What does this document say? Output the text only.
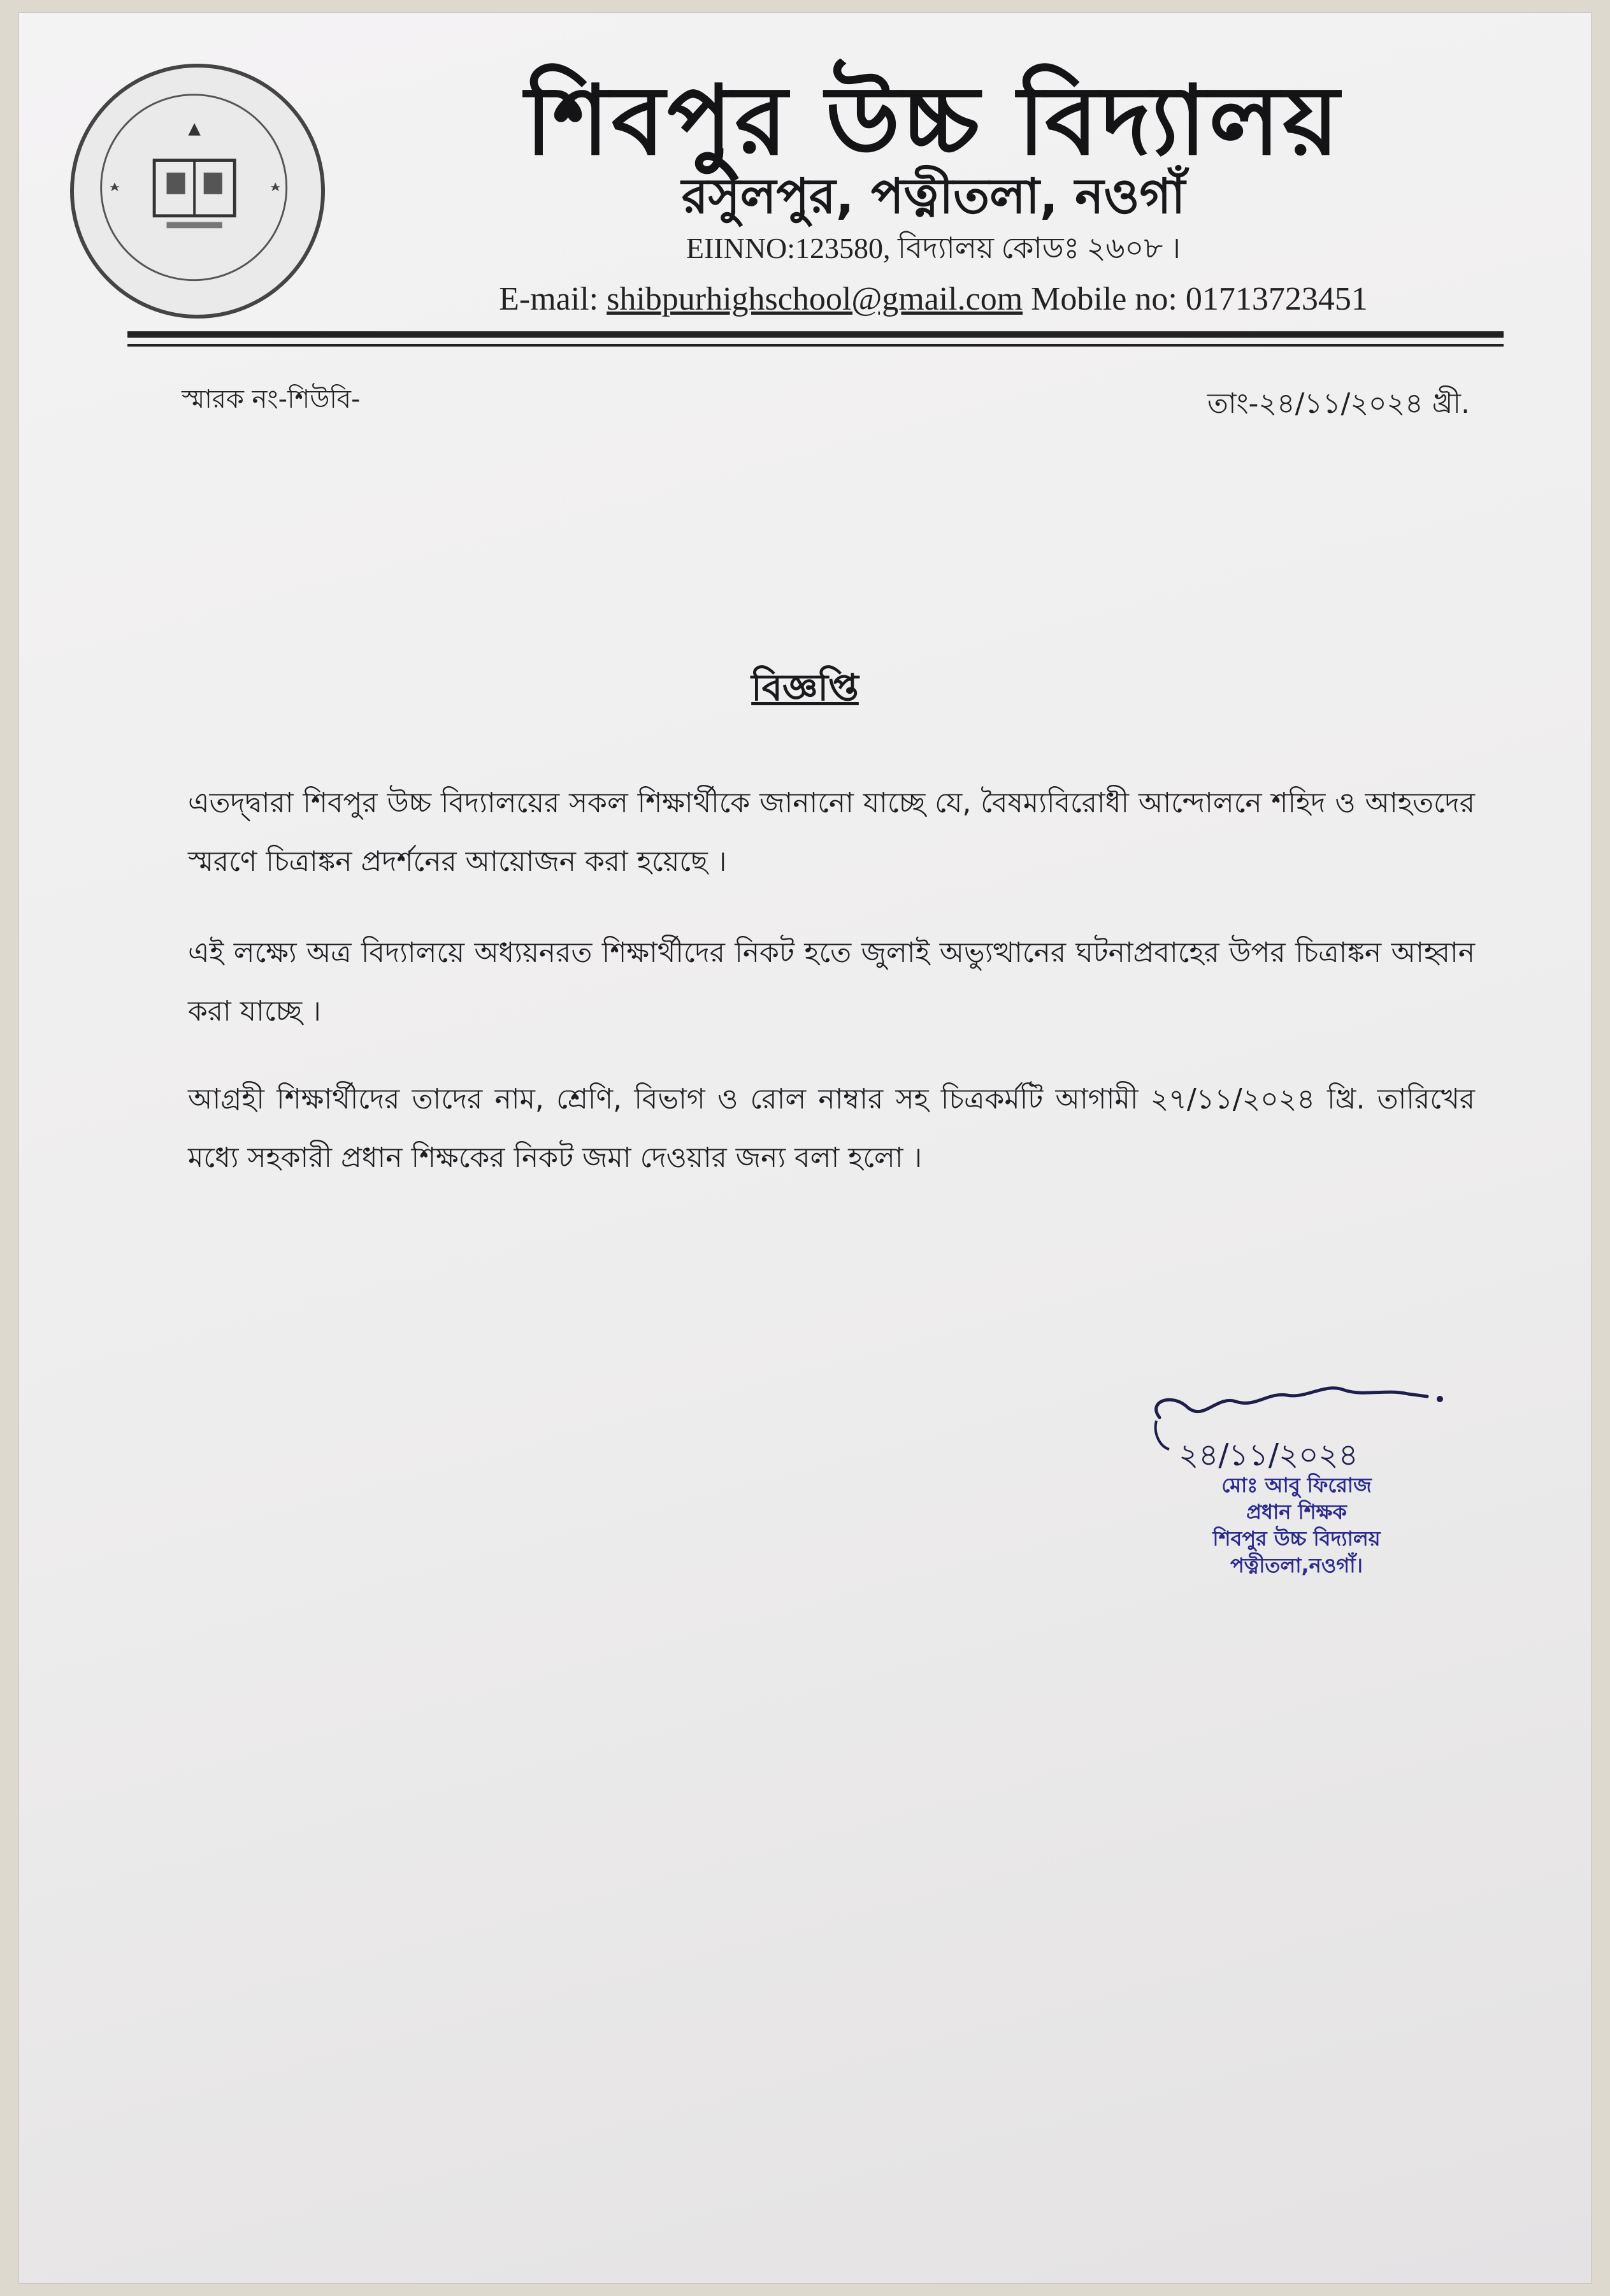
শিবপুর উচ্চ বিদ্যালয়
রসুলপুর, পত্নীতলা, নওগাঁ
EIINNO:123580, বিদ্যালয় কোডঃ ২৬০৮ ।
E-mail: shibpurhighschool@gmail.com Mobile no: 01713723451
স্মারক নং-শিউবি-	তাং-২৪/১১/২০২৪ খ্রী.
বিজ্ঞপ্তি
এতদ্দ্বারা শিবপুর উচ্চ বিদ্যালয়ের সকল শিক্ষার্থীকে জানানো যাচ্ছে যে, বৈষম্যবিরোধী আন্দোলনে শহিদ ও আহতদের স্মরণে চিত্রাঙ্কন প্রদর্শনের আয়োজন করা হয়েছে ।
এই লক্ষ্যে অত্র বিদ্যালয়ে অধ্যয়নরত শিক্ষার্থীদের নিকট হতে জুলাই অভ্যুত্থানের ঘটনাপ্রবাহের উপর চিত্রাঙ্কন আহ্বান করা যাচ্ছে ।
আগ্রহী শিক্ষার্থীদের তাদের নাম, শ্রেণি, বিভাগ ও রোল নাম্বার সহ চিত্রকর্মটি আগামী ২৭/১১/২০২৪ খ্রি. তারিখের মধ্যে সহকারী প্রধান শিক্ষকের নিকট জমা দেওয়ার জন্য বলা হলো ।
২৪/১১/২০২৪
মোঃ আবু ফিরোজ
প্রধান শিক্ষক
শিবপুর উচ্চ বিদ্যালয়
পত্নীতলা,নওগাঁ।
